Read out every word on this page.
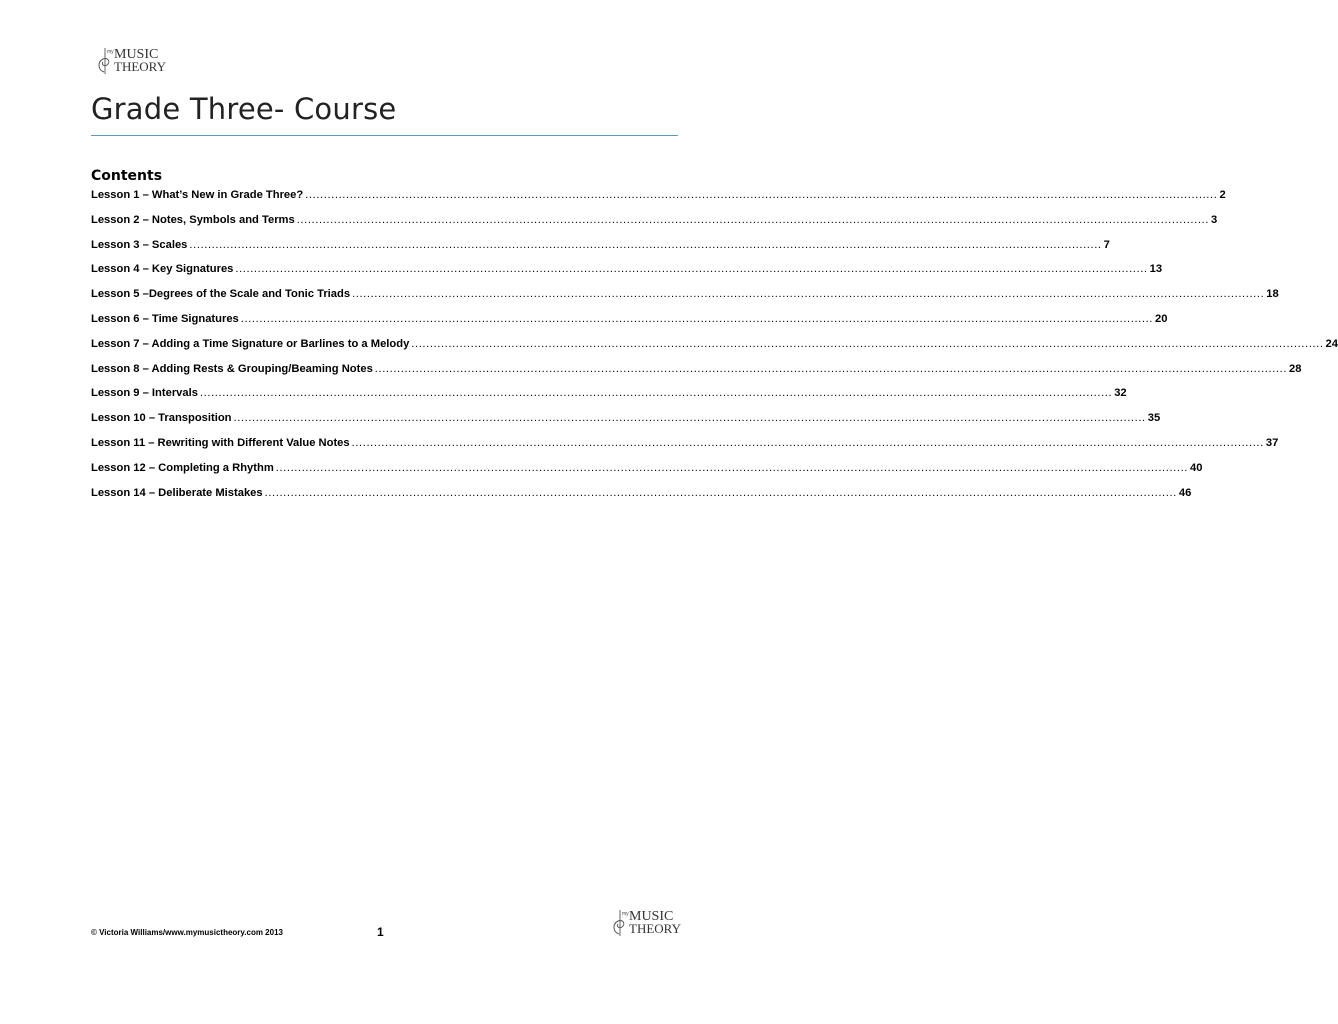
my MUSIC
THEORY
Grade Three- Course
Contents
Lesson 1 – What’s New in Grade Three? .....	2
Lesson 2 – Notes, Symbols and Terms .....	3
Lesson 3 – Scales .....	7
Lesson 4 – Key Signatures .....	13
Lesson 5 –Degrees of the Scale and Tonic Triads .....	18
Lesson 6 – Time Signatures .....	20
Lesson 7 – Adding a Time Signature or Barlines to a Melody .....	24
Lesson 8 – Adding Rests & Grouping/Beaming Notes .....	28
Lesson 9 – Intervals .....	32
Lesson 10 – Transposition .....	35
Lesson 11 – Rewriting with Different Value Notes .....	37
Lesson 12 – Completing a Rhythm .....	40
Lesson 14 – Deliberate Mistakes .....	46
© Victoria Williams/www.mymusictheory.com 2013	1
my MUSIC
THEORY
